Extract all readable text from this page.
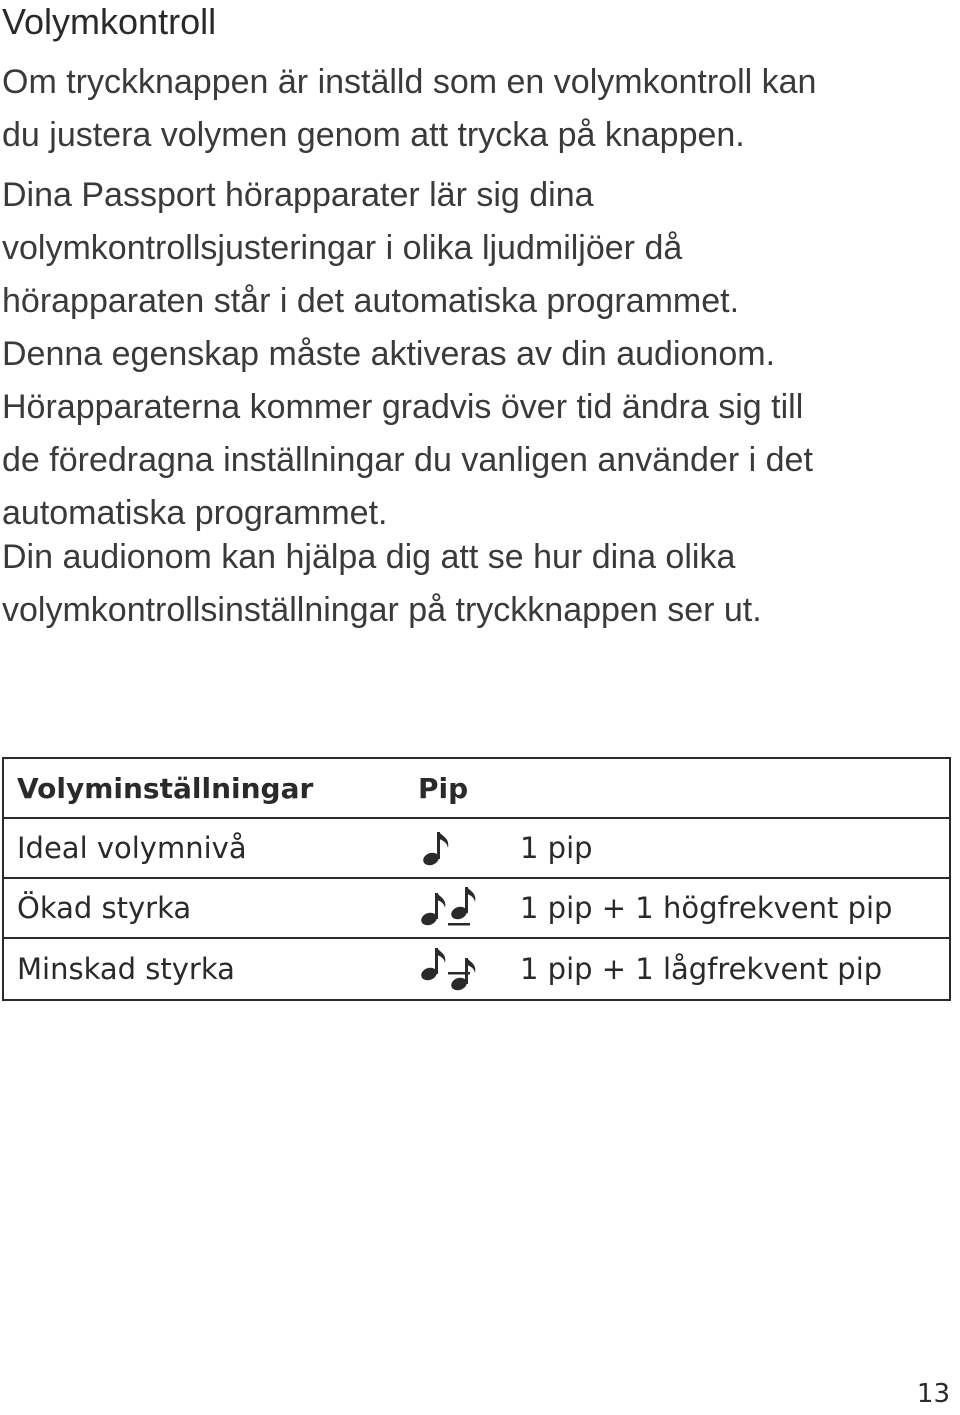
Volymkontroll

Om tryckknappen är inställd som en volymkontroll kan
du justera volymen genom att trycka på knappen.

Dina Passport hörapparater lär sig dina
volymkontrollsjusteringar i olika ljudmiljöer då
hörapparaten står i det automatiska programmet.
Denna egenskap måste aktiveras av din audionom.
Hörapparaterna kommer gradvis över tid ändra sig till
de föredragna inställningar du vanligen använder i det
automatiska programmet.

Din audionom kan hjälpa dig att se hur dina olika
volymkontrollsinställningar på tryckknappen ser ut.

Volyminställningar	Pip
Ideal volymnivå	1 pip
Ökad styrka	1 pip + 1 högfrekvent pip
Minskad styrka	1 pip + 1 lågfrekvent pip
13
